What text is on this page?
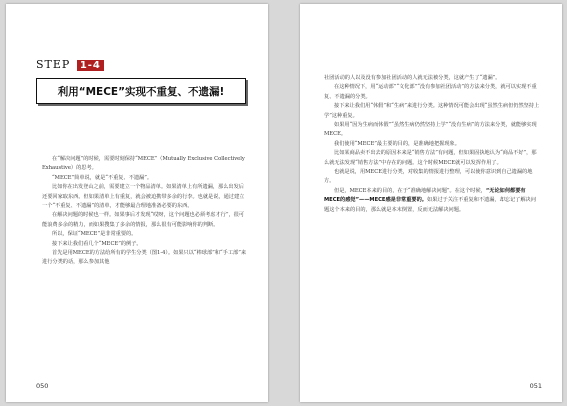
STEP 1-4
利用“MECE”实现不重复、不遗漏!

在“解决问题”的时候，需要时刻保持“MECE”（Mutually Exclusive Collectively Exhaustive）的思考。

“MECE”简单说，就是“不重复、不遗漏”。

比如你在出发登山之前，需要建立一个物品清单。如果清单上有所遗漏，那么出发后还要回家取东西。但如果清单上有重复，就会被迫携带多余的行李。也就是说，通过建立一个“不重复、不遗漏”的清单，才能够最合理地准备必要的东西。

在解决问题的时候也一样。如果事后才发现“哎呀，这个问题也必须考虑才行”，很可能浪费多余的精力，而如果搜集了多余的情报，那么很有可能影响你的判断。

所以，保证“MECE”是非常重要的。

接下来让我们看几个“MECE”的例子。

首先是用MECE的方法给所有的学生分类（图1-4）。如果只以“棒球部”和“手工部”来进行分类的话，那么参加其他

050

社团活动的人以及没有参加社团活动的人就无法被分类，这就产生了“遗漏”。

在这种情况下，用“运动部”“文化部”“没有参加社团活动”的方法来分类，就可以实现不重复、不遗漏的分类。

接下来让我们用“休假”和“生病”来进行分类。这种情况可能会出现“虽然生病但仍然坚持上学”这种重复。

如果用“因为生病而休假”“虽然生病仍然坚持上学”“没有生病”的方法来分类，就能够实现MECE。

我们使用“MECE”最主要的目的，是准确地把握现象。

比如某商品卖不出去的原因本来是“销售方法”有问题，但如果固执地认为“商品不好”，那么就无法发现“销售方法”中存在的问题。这个时候MECE就可以发挥作用了。

也就是说，用MECE进行分类，对收集的情报进行整理，可以使你意识到自己遗漏的地方。

但是，MECE本来的目的，在于“准确地解决问题”。在这个时候，“无论如何都要有MECE的感觉”——MECE感是非常重要的。如果过于关注不重复和不遗漏，却忘记了解决问题这个本来的目的，那么就是本末倒置，反而无法解决问题。

051
